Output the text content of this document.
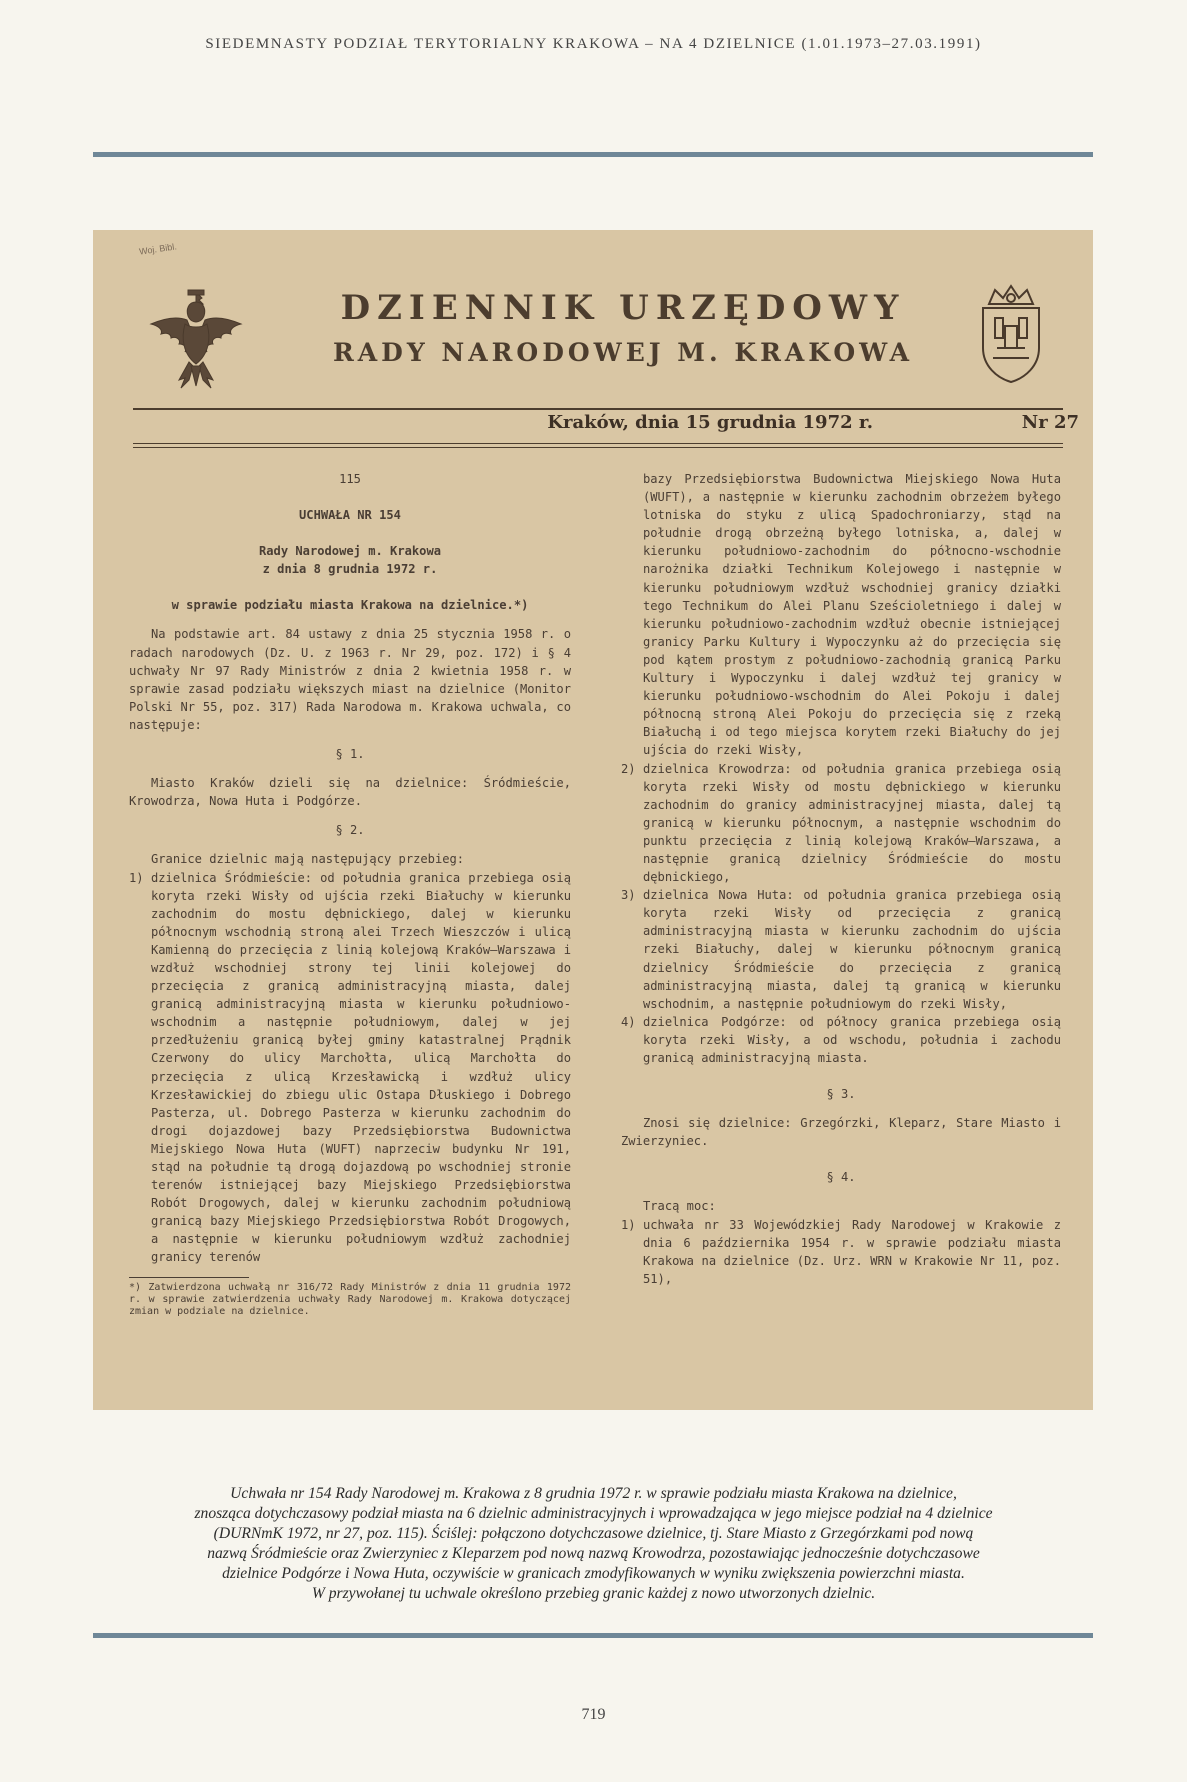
SIEDEMNASTY PODZIAŁ TERYTORIALNY KRAKOWA – NA 4 DZIELNICE (1.01.1973–27.03.1991)
Woj. Bibl.
DZIENNIK URZĘDOWY
RADY NARODOWEJ M. KRAKOWA
Kraków, dnia 15 grudnia 1972 r.	Nr 27
115
UCHWAŁA NR 154
Rady Narodowej m. Krakowa
z dnia 8 grudnia 1972 r.
w sprawie podziału miasta Krakowa na dzielnice.*)

Na podstawie art. 84 ustawy z dnia 25 stycznia 1958 r. o radach narodowych (Dz. U. z 1963 r. Nr 29, poz. 172) i § 4 uchwały Nr 97 Rady Ministrów z dnia 2 kwietnia 1958 r. w sprawie zasad podziału większych miast na dzielnice (Monitor Polski Nr 55, poz. 317) Rada Narodowa m. Krakowa uchwala, co następuje:

§ 1.

Miasto Kraków dzieli się na dzielnice: Śródmieście, Krowodrza, Nowa Huta i Podgórze.

§ 2.

Granice dzielnic mają następujący przebieg:

1) dzielnica Śródmieście: od południa granica przebiega osią koryta rzeki Wisły od ujścia rzeki Białuchy w kierunku zachodnim do mostu dębnickiego, dalej w kierunku północnym wschodnią stroną alei Trzech Wieszczów i ulicą Kamienną do przecięcia z linią kolejową Kraków—Warszawa i wzdłuż wschodniej strony tej linii kolejowej do przecięcia z granicą administracyjną miasta, dalej granicą administracyjną miasta w kierunku południowo-wschodnim a następnie południowym, dalej w jej przedłużeniu granicą byłej gminy katastralnej Prądnik Czerwony do ulicy Marchołta, ulicą Marchołta do przecięcia z ulicą Krzesławicką i wzdłuż ulicy Krzesławickiej do zbiegu ulic Ostapa Dłuskiego i Dobrego Pasterza, ul. Dobrego Pasterza w kierunku zachodnim do drogi dojazdowej bazy Przedsiębiorstwa Budownictwa Miejskiego Nowa Huta (WUFT) naprzeciw budynku Nr 191, stąd na południe tą drogą dojazdową po wschodniej stronie terenów istniejącej bazy Miejskiego Przedsiębiorstwa Robót Drogowych, dalej w kierunku zachodnim południową granicą bazy Miejskiego Przedsiębiorstwa Robót Drogowych, a następnie w kierunku południowym wzdłuż zachodniej granicy terenów
*) Zatwierdzona uchwałą nr 316/72 Rady Ministrów z dnia 11 grudnia 1972 r. w sprawie zatwierdzenia uchwały Rady Narodowej m. Krakowa dotyczącej zmian w podziale na dzielnice.

bazy Przedsiębiorstwa Budownictwa Miejskiego Nowa Huta (WUFT), a następnie w kierunku zachodnim obrzeżem byłego lotniska do styku z ulicą Spadochroniarzy, stąd na południe drogą obrzeżną byłego lotniska, a, dalej w kierunku południowo-zachodnim do północno-wschodnie narożnika działki Technikum Kolejowego i następnie w kierunku południowym wzdłuż wschodniej granicy działki tego Technikum do Alei Planu Sześcioletniego i dalej w kierunku południowo-zachodnim wzdłuż obecnie istniejącej granicy Parku Kultury i Wypoczynku aż do przecięcia się pod kątem prostym z południowo-zachodnią granicą Parku Kultury i Wypoczynku i dalej wzdłuż tej granicy w kierunku południowo-wschodnim do Alei Pokoju i dalej północną stroną Alei Pokoju do przecięcia się z rzeką Białuchą i od tego miejsca korytem rzeki Białuchy do jej ujścia do rzeki Wisły,

2) dzielnica Krowodrza: od południa granica przebiega osią koryta rzeki Wisły od mostu dębnickiego w kierunku zachodnim do granicy administracyjnej miasta, dalej tą granicą w kierunku północnym, a następnie wschodnim do punktu przecięcia z linią kolejową Kraków—Warszawa, a następnie granicą dzielnicy Śródmieście do mostu dębnickiego,
3) dzielnica Nowa Huta: od południa granica przebiega osią koryta rzeki Wisły od przecięcia z granicą administracyjną miasta w kierunku zachodnim do ujścia rzeki Białuchy, dalej w kierunku północnym granicą dzielnicy Śródmieście do przecięcia z granicą administracyjną miasta, dalej tą granicą w kierunku wschodnim, a następnie południowym do rzeki Wisły,
4) dzielnica Podgórze: od północy granica przebiega osią koryta rzeki Wisły, a od wschodu, południa i zachodu granicą administracyjną miasta.
§ 3.

Znosi się dzielnice: Grzegórzki, Kleparz, Stare Miasto i Zwierzyniec.

§ 4.

Tracą moc:

1) uchwała nr 33 Wojewódzkiej Rady Narodowej w Krakowie z dnia 6 października 1954 r. w sprawie podziału miasta Krakowa na dzielnice (Dz. Urz. WRN w Krakowie Nr 11, poz. 51),

Uchwała nr 154 Rady Narodowej m. Krakowa z 8 grudnia 1972 r. w sprawie podziału miasta Krakowa na dzielnice,

znosząca dotychczasowy podział miasta na 6 dzielnic administracyjnych i wprowadzająca w jego miejsce podział na 4 dzielnice

(DURNmK 1972, nr 27, poz. 115). Ściślej: połączono dotychczasowe dzielnice, tj. Stare Miasto z Grzegórzkami pod nową

nazwą Śródmieście oraz Zwierzyniec z Kleparzem pod nową nazwą Krowodrza, pozostawiając jednocześnie dotychczasowe

dzielnice Podgórze i Nowa Huta, oczywiście w granicach zmodyfikowanych w wyniku zwiększenia powierzchni miasta.

W przywołanej tu uchwale określono przebieg granic każdej z nowo utworzonych dzielnic.

719
